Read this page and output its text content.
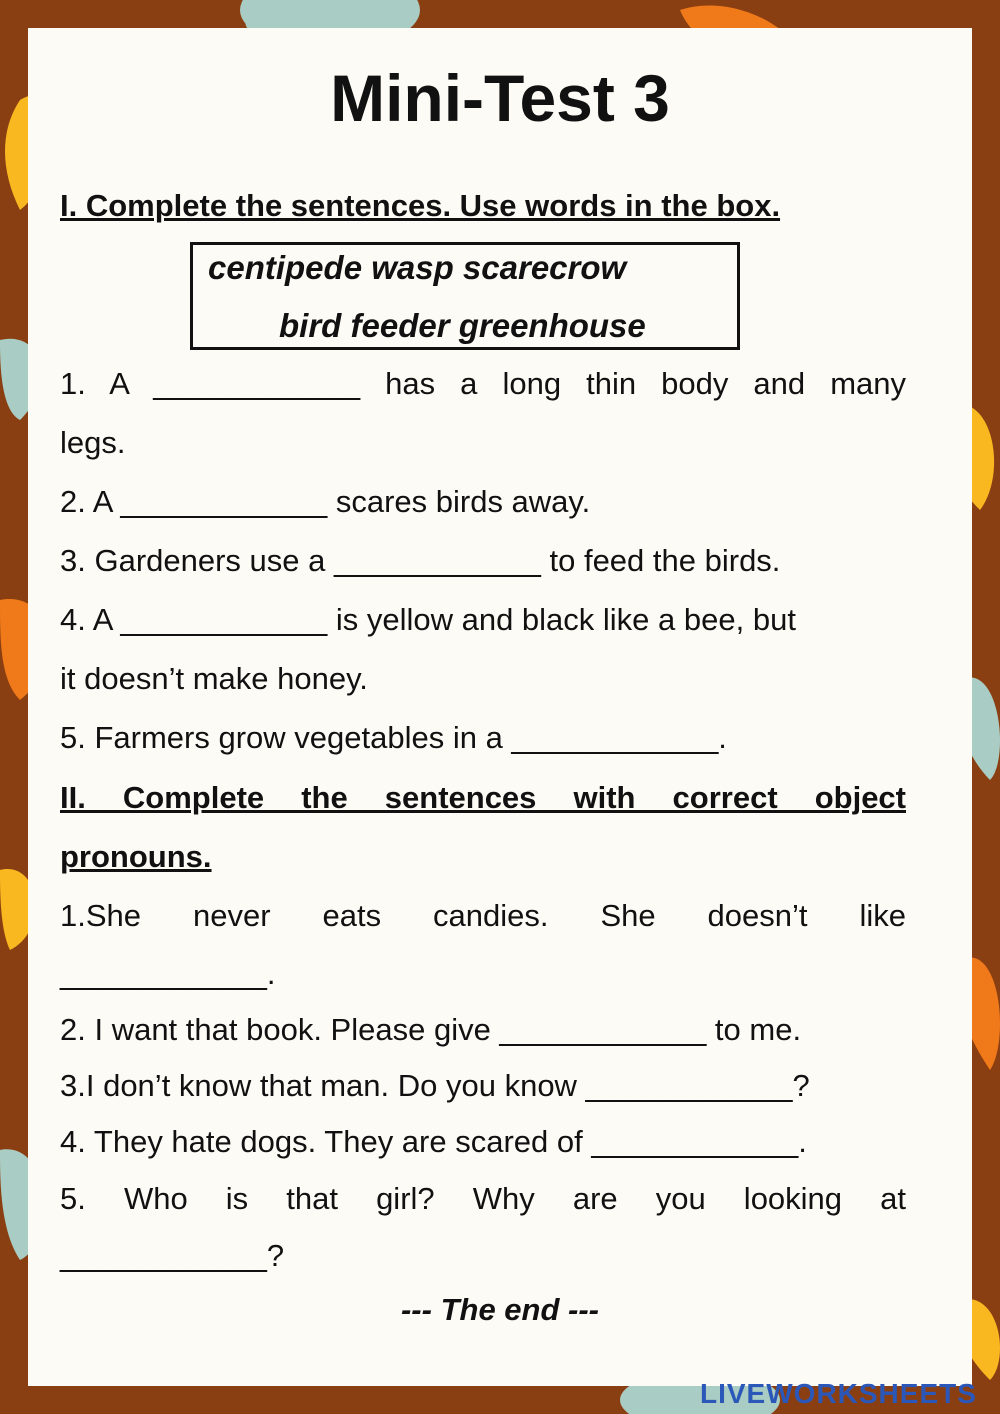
Mini-Test 3
I. Complete the sentences. Use words in the box.
centipede wasp scarecrow
bird feeder greenhouse
1. A ____________ has a long thin body and many
legs.
2. A ____________ scares birds away.
3. Gardeners use a ____________ to feed the birds.
4. A ____________ is yellow and black like a bee, but
it doesn’t make honey.
5. Farmers grow vegetables in a ____________.
II. Complete the sentences with correct object
pronouns.
1.She never eats candies. She doesn’t like
____________.
2. I want that book. Please give ____________ to me.
3.I don’t know that man. Do you know ____________?
4. They hate dogs. They are scared of ____________.
5. Who is that girl? Why are you looking at
____________?
--- The end ---
LIVEWORKSHEETS
